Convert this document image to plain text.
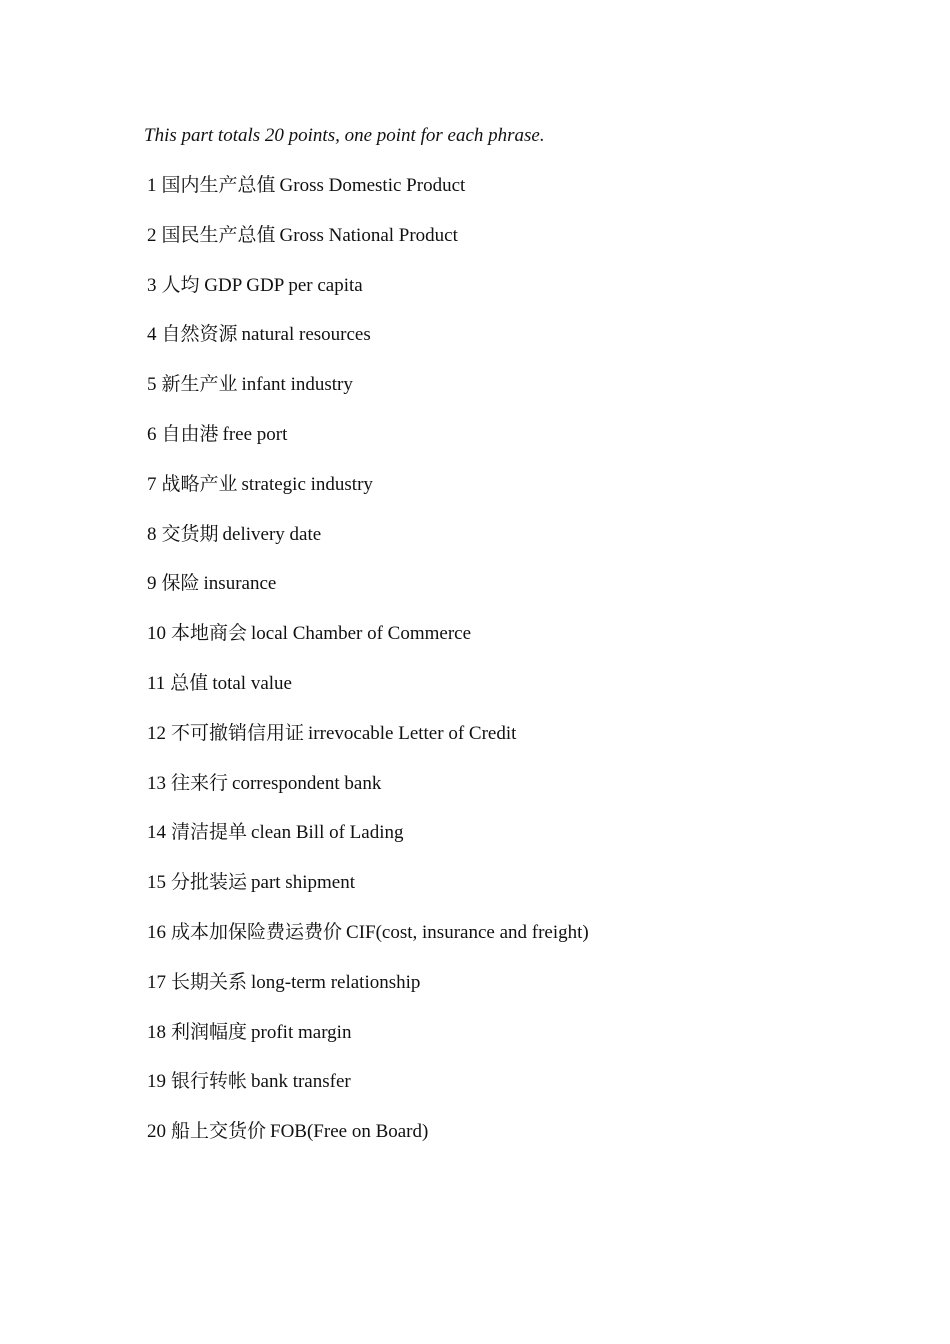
This part totals 20 points, one point for each phrase.
1 国内生产总值 Gross Domestic Product
2 国民生产总值 Gross National Product
3 人均 GDP GDP per capita
4 自然资源 natural resources
5 新生产业 infant industry
6 自由港 free port
7 战略产业 strategic industry
8 交货期 delivery date
9 保险 insurance
10 本地商会 local Chamber of Commerce
11 总值 total value
12 不可撤销信用证 irrevocable Letter of Credit
13 往来行 correspondent bank
14 清洁提单 clean Bill of Lading
15 分批装运 part shipment
16 成本加保险费运费价 CIF(cost, insurance and freight)
17 长期关系 long-term relationship
18 利润幅度 profit margin
19 银行转帐 bank transfer
20 船上交货价 FOB(Free on Board)
